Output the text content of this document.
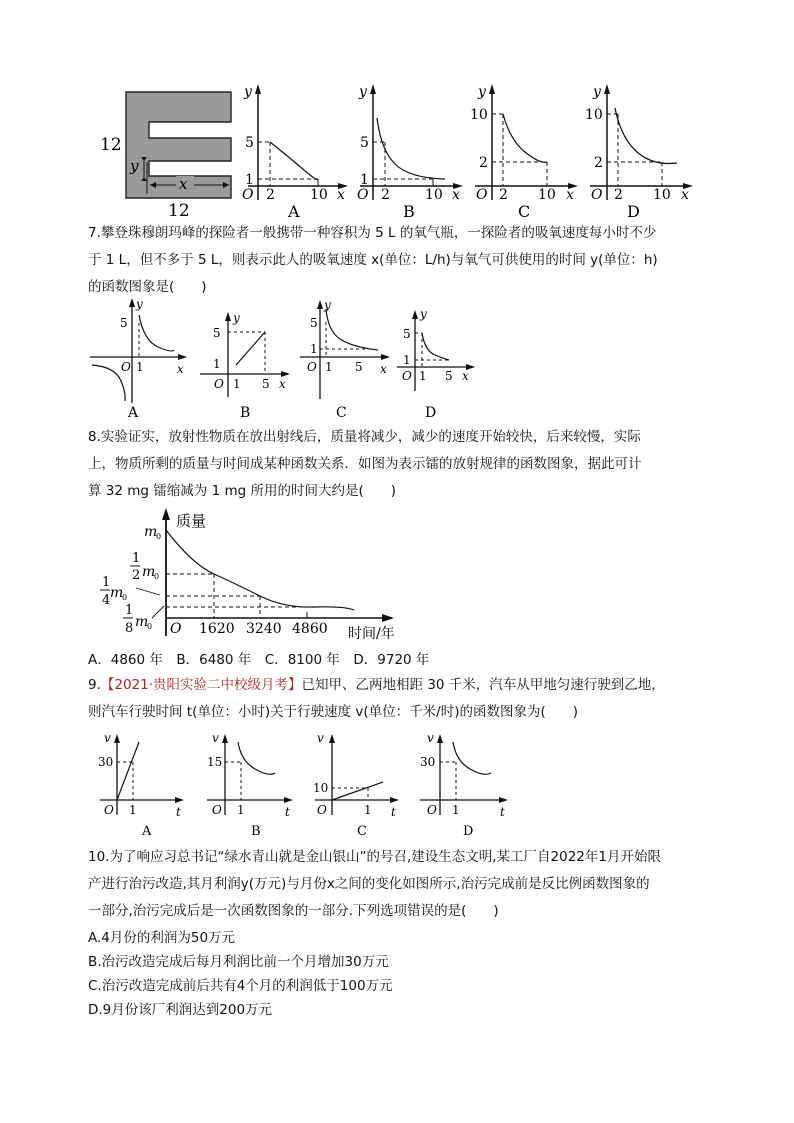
x
y
12
12
y
5
1
O 2	10 x
A
y
5
1
O 2	10 x
B
y
10
2
O 2 10 x
C
y
10
2
O 2 10 x
D
7.攀登珠穆朗玛峰的探险者一般携带一种容积为 5 L 的氧气瓶，一探险者的吸氧速度每小时不少
于 1 L，但不多于 5 L，则表示此人的吸氧速度 x(单位：L/h)与氧气可供使用的时间 y(单位：h)
的函数图象是(　　)
y
5
O 1	x
A
y
5
1
O 1 5 x
B
y
5
1
O 1 5 x
C
y
5
1
O 1 5 x
D
8.实验证实，放射性物质在放出射线后，质量将减少，减少的速度开始较快，后来较慢，实际
上，物质所剩的质量与时间成某种函数关系．如图为表示镭的放射规律的函数图象，据此可计
算 32 mg 镭缩减为 1 mg 所用的时间大约是(　　)
质量
m
0
1
2 m
0
1
4 m
0
1
8 m
0 O 1620 3240 4860 时间/年
A．4860 年　B．6480 年　C．8100 年　D．9720 年
9.【2021·贵阳实验二中校级月考】已知甲、乙两地相距 30 千米，汽车从甲地匀速行驶到乙地，
则汽车行驶时间 t(单位：小时)关于行驶速度 v(单位：千米/时)的函数图象为(　　)
v
30
O 1	t
A
v
15
O 1	t
B
v
10
O	1 t
C
v
30
O 1	t
D
10.为了响应习总书记“绿水青山就是金山银山”的号召,建设生态文明,某工厂自2022年1月开始限
产进行治污改造,其月利润y(万元)与月份x之间的变化如图所示,治污完成前是反比例函数图象的
一部分,治污完成后是一次函数图象的一部分.下列选项错误的是(　　)
A.4月份的利润为50万元
B.治污改造完成后每月利润比前一个月增加30万元
C.治污改造完成前后共有4个月的利润低于100万元
D.9月份该厂利润达到200万元
